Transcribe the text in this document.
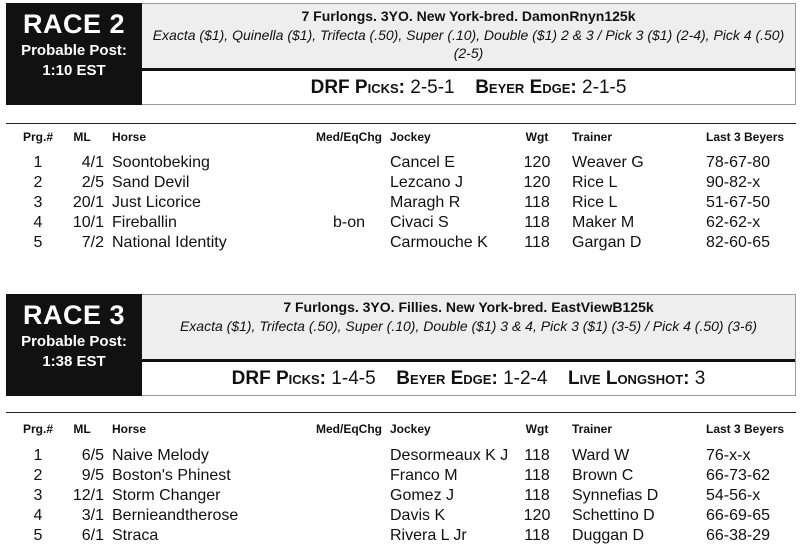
RACE 2
Probable Post:
1:10 EST
7 Furlongs. 3YO. New York-bred. DamonRnyn125k
Exacta ($1), Quinella ($1), Trifecta (.50), Super (.10), Double ($1) 2 & 3 / Pick 3 ($1) (2-4), Pick 4 (.50) (2-5)
DRF Picks: 2-5-1 Beyer Edge: 2-1-5
Prg.#	ML	Horse	Med/EqChg Jockey	Wgt	Trainer	Last 3 Beyers
1	4/1 Soontobeking	Cancel E	120 Weaver G	78-67-80
2	2/5 Sand Devil	Lezcano J	120 Rice L	90-82-x
3	20/1 Just Licorice	Maragh R	118 Rice L	51-67-50
4	10/1 Fireballin	b-on	Civaci S	118 Maker M	62-62-x
5	7/2 National Identity	Carmouche K 118 Gargan D	82-60-65
RACE 3
Probable Post:
1:38 EST
7 Furlongs. 3YO. Fillies. New York-bred. EastViewB125k
Exacta ($1), Trifecta (.50), Super (.10), Double ($1) 3 & 4, Pick 3 ($1) (3-5) / Pick 4 (.50) (3-6)
DRF Picks: 1-4-5 Beyer Edge: 1-2-4 Live Longshot: 3
Prg.#	ML	Horse	Med/EqChg Jockey	Wgt	Trainer	Last 3 Beyers
1	6/5 Naive Melody	Desormeaux K J 118 Ward W	76-x-x
2	9/5 Boston's Phinest	Franco M	118 Brown C	66-73-62
3	12/1 Storm Changer	Gomez J	118 Synnefias D	54-56-x
4	3/1 Bernieandtherose	Davis K	120 Schettino D	66-69-65
5	6/1 Straca	Rivera L Jr	118 Duggan D	66-38-29
